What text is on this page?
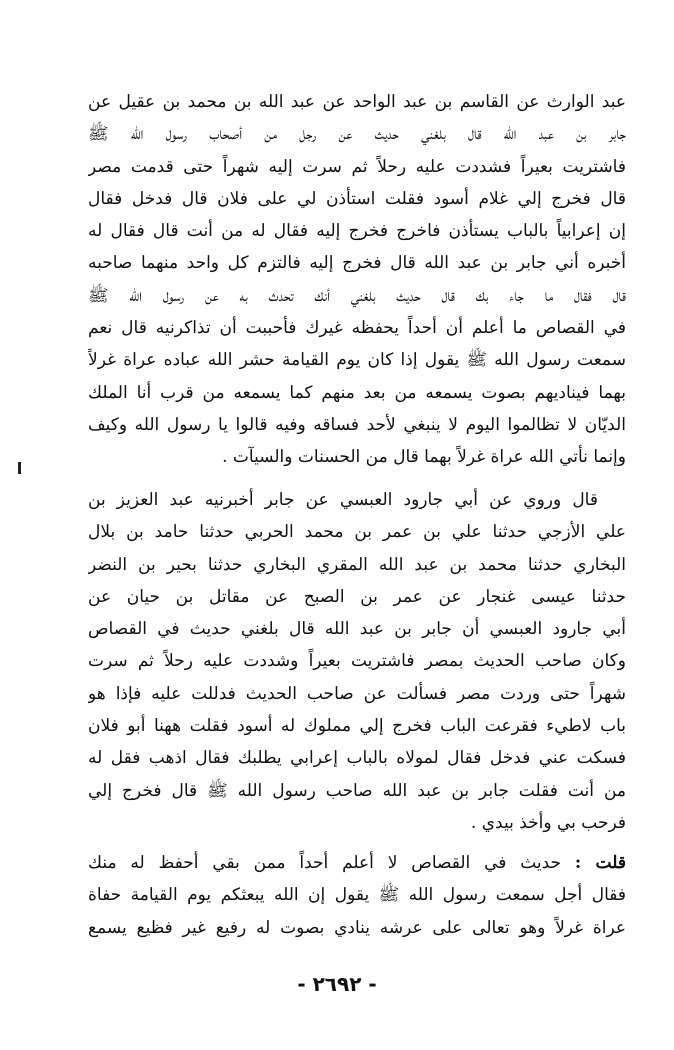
عبد الوارث عن القاسم بن عبد الواحد عن عبد الله بن محمد بن عقيل عن
جابر بن عبد الله قال بلغني حديث عن رجل من أصحاب رسول الله ﷺ
فاشتريت بعيراً فشددت عليه رحلاً ثم سرت إليه شهراً حتى قدمت مصر
قال فخرج إلي غلام أسود فقلت استأذن لي على فلان قال فدخل فقال
إن إعرابياً بالباب يستأذن فاخرج فخرج إليه فقال له من أنت قال فقال له
أخبره أني جابر بن عبد الله قال فخرج إليه فالتزم كل واحد منهما صاحبه
قال فقال ما جاء بك قال حديث بلغني أنك تحدث به عن رسول الله ﷺ
في القصاص ما أعلم أن أحداً يحفظه غيرك فأحببت أن تذاكرنيه قال نعم
سمعت رسول الله ﷺ يقول إذا كان يوم القيامة حشر الله عباده عراة غرلاً
بهما فيناديهم بصوت يسمعه من بعد منهم كما يسمعه من قرب أنا الملك
الديّان لا تظالموا اليوم لا ينبغي لأحد فساقه وفيه قالوا يا رسول الله وكيف
وإنما نأتي الله عراة غرلاً بهما قال من الحسنات والسيآت .
قال وروي عن أبي جارود العبسي عن جابر أخبرنيه عبد العزيز بن
علي الأزجي حدثنا علي بن عمر بن محمد الحربي حدثنا حامد بن بلال
البخاري حدثنا محمد بن عبد الله المقري البخاري حدثنا بحير بن النضر
حدثنا عيسى غنجار عن عمر بن الصبح عن مقاتل بن حيان عن
أبي جارود العبسي أن جابر بن عبد الله قال بلغني حديث في القصاص
وكان صاحب الحديث بمصر فاشتريت بعيراً وشددت عليه رحلاً ثم سرت
شهراً حتى وردت مصر فسألت عن صاحب الحديث فدللت عليه فإذا هو
باب لاطيء فقرعت الباب فخرج إلي مملوك له أسود فقلت ههنا أبو فلان
فسكت عني فدخل فقال لمولاه بالباب إعرابي يطلبك فقال اذهب فقل له
من أنت فقلت جابر بن عبد الله صاحب رسول الله ﷺ قال فخرج إلي
فرحب بي وأخذ بيدي .
قلت : حديث في القصاص لا أعلم أحداً ممن بقي أحفظ له منك
فقال أجل سمعت رسول الله ﷺ يقول إن الله يبعثكم يوم القيامة حفاة
عراة غرلاً وهو تعالى على عرشه ينادي بصوت له رفيع غير فظيع يسمع
- ٢٦٩٢ -
